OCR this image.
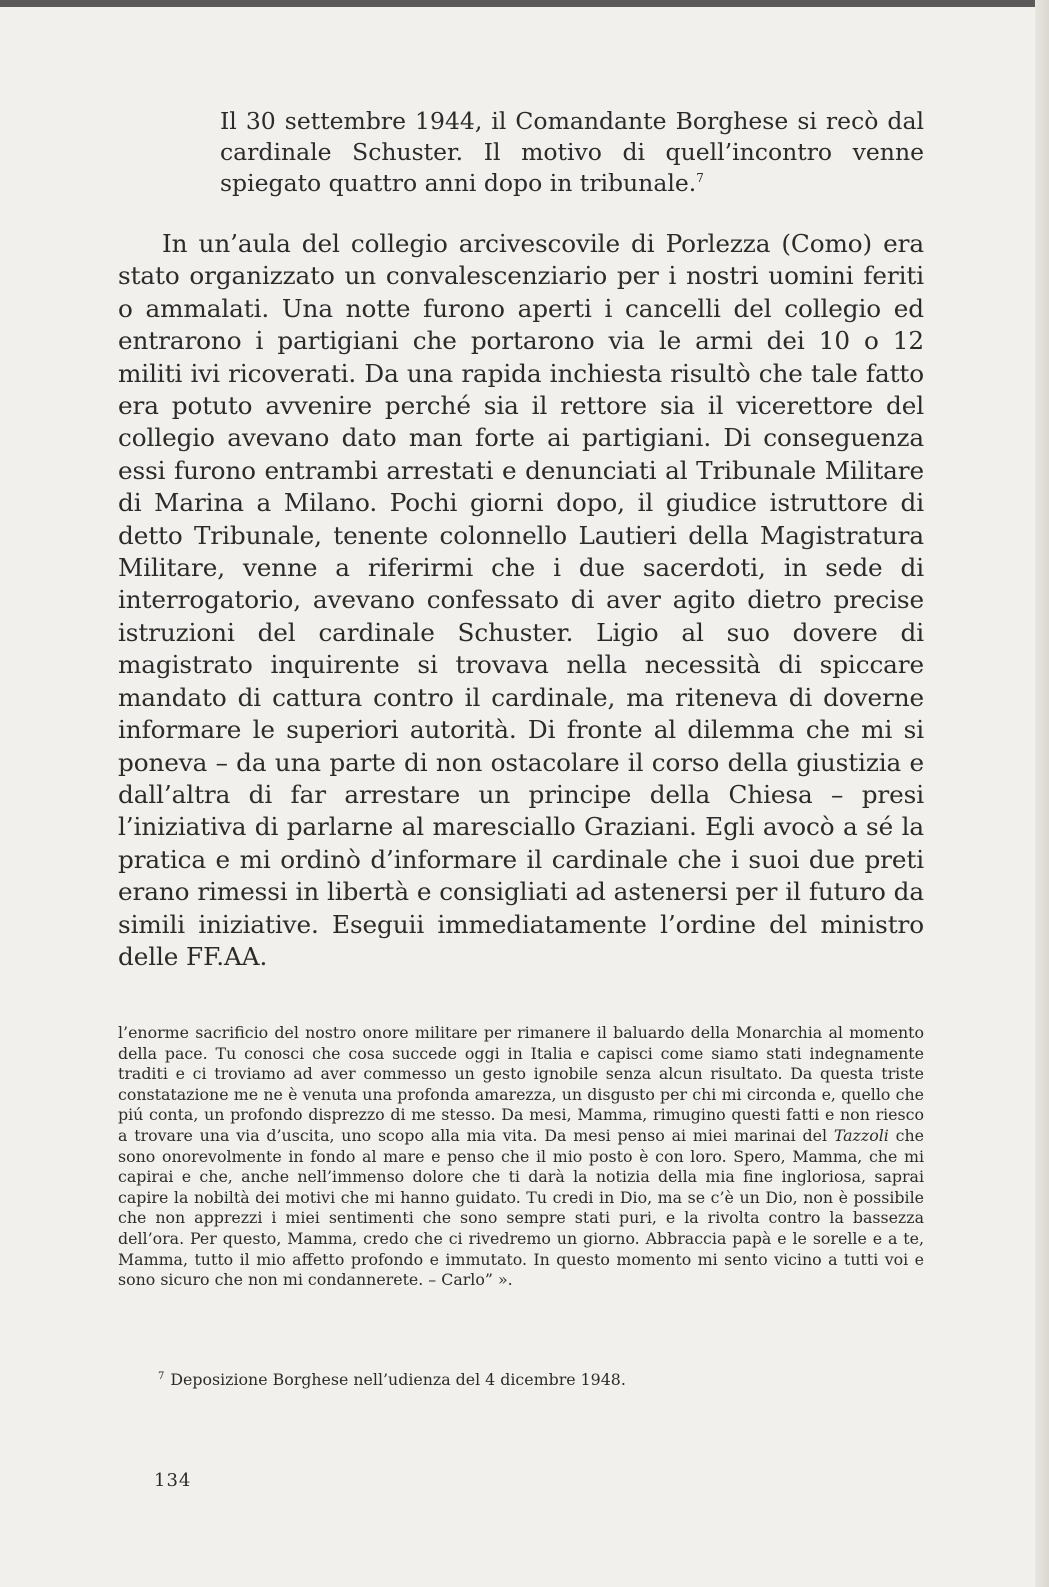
Il 30 settembre 1944, il Comandante Borghese si recò dal cardinale Schuster. Il motivo di quell’incontro venne spiegato quattro anni dopo in tribunale.$^7$

In un’aula del collegio arcivescovile di Porlezza (Como) era stato organizzato un convalescenziario per i nostri uomini feriti o ammalati. Una notte furono aperti i cancelli del collegio ed entrarono i partigiani che portarono via le armi dei 10 o 12 militi ivi ricoverati. Da una rapida inchiesta risultò che tale fatto era potuto avvenire perché sia il rettore sia il vicerettore del collegio avevano dato man forte ai partigiani. Di conseguenza essi furono entrambi arrestati e denunciati al Tribunale Militare di Marina a Milano. Pochi giorni dopo, il giudice istruttore di detto Tribunale, tenente colonnello Lautieri della Magistratura Militare, venne a riferirmi che i due sacerdoti, in sede di interrogatorio, avevano confessato di aver agito dietro precise istruzioni del cardinale Schuster. Ligio al suo dovere di magistrato inquirente si trovava nella necessità di spiccare mandato di cattura contro il cardinale, ma riteneva di doverne informare le superiori autorità. Di fronte al dilemma che mi si poneva – da una parte di non ostacolare il corso della giustizia e dall’altra di far arrestare un principe della Chiesa – presi l’iniziativa di parlarne al maresciallo Graziani. Egli avocò a sé la pratica e mi ordinò d’informare il cardinale che i suoi due preti erano rimessi in libertà e consigliati ad astenersi per il futuro da simili iniziative. Eseguii immediatamente l’ordine del ministro delle FF.AA.

l’enorme sacrificio del nostro onore militare per rimanere il baluardo della Monarchia al momento della pace. Tu conosci che cosa succede oggi in Italia e capisci come siamo stati indegnamente traditi e ci troviamo ad aver commesso un gesto ignobile senza alcun risultato. Da questa triste constatazione me ne è venuta una profonda amarezza, un disgusto per chi mi circonda e, quello che piú conta, un profondo disprezzo di me stesso. Da mesi, Mamma, rimugino questi fatti e non riesco a trovare una via d’uscita, uno scopo alla mia vita. Da mesi penso ai miei marinai del Tazzoli che sono onorevolmente in fondo al mare e penso che il mio posto è con loro. Spero, Mamma, che mi capirai e che, anche nell’immenso dolore che ti darà la notizia della mia fine ingloriosa, saprai capire la nobiltà dei motivi che mi hanno guidato. Tu credi in Dio, ma se c’è un Dio, non è possibile che non apprezzi i miei sentimenti che sono sempre stati puri, e la rivolta contro la bassezza dell’ora. Per questo, Mamma, credo che ci rivedremo un giorno. Abbraccia papà e le sorelle e a te, Mamma, tutto il mio affetto profondo e immutato. In questo momento mi sento vicino a tutti voi e sono sicuro che non mi condannerete. – Carlo” ».

$^7$ Deposizione Borghese nell’udienza del 4 dicembre 1948.

134
